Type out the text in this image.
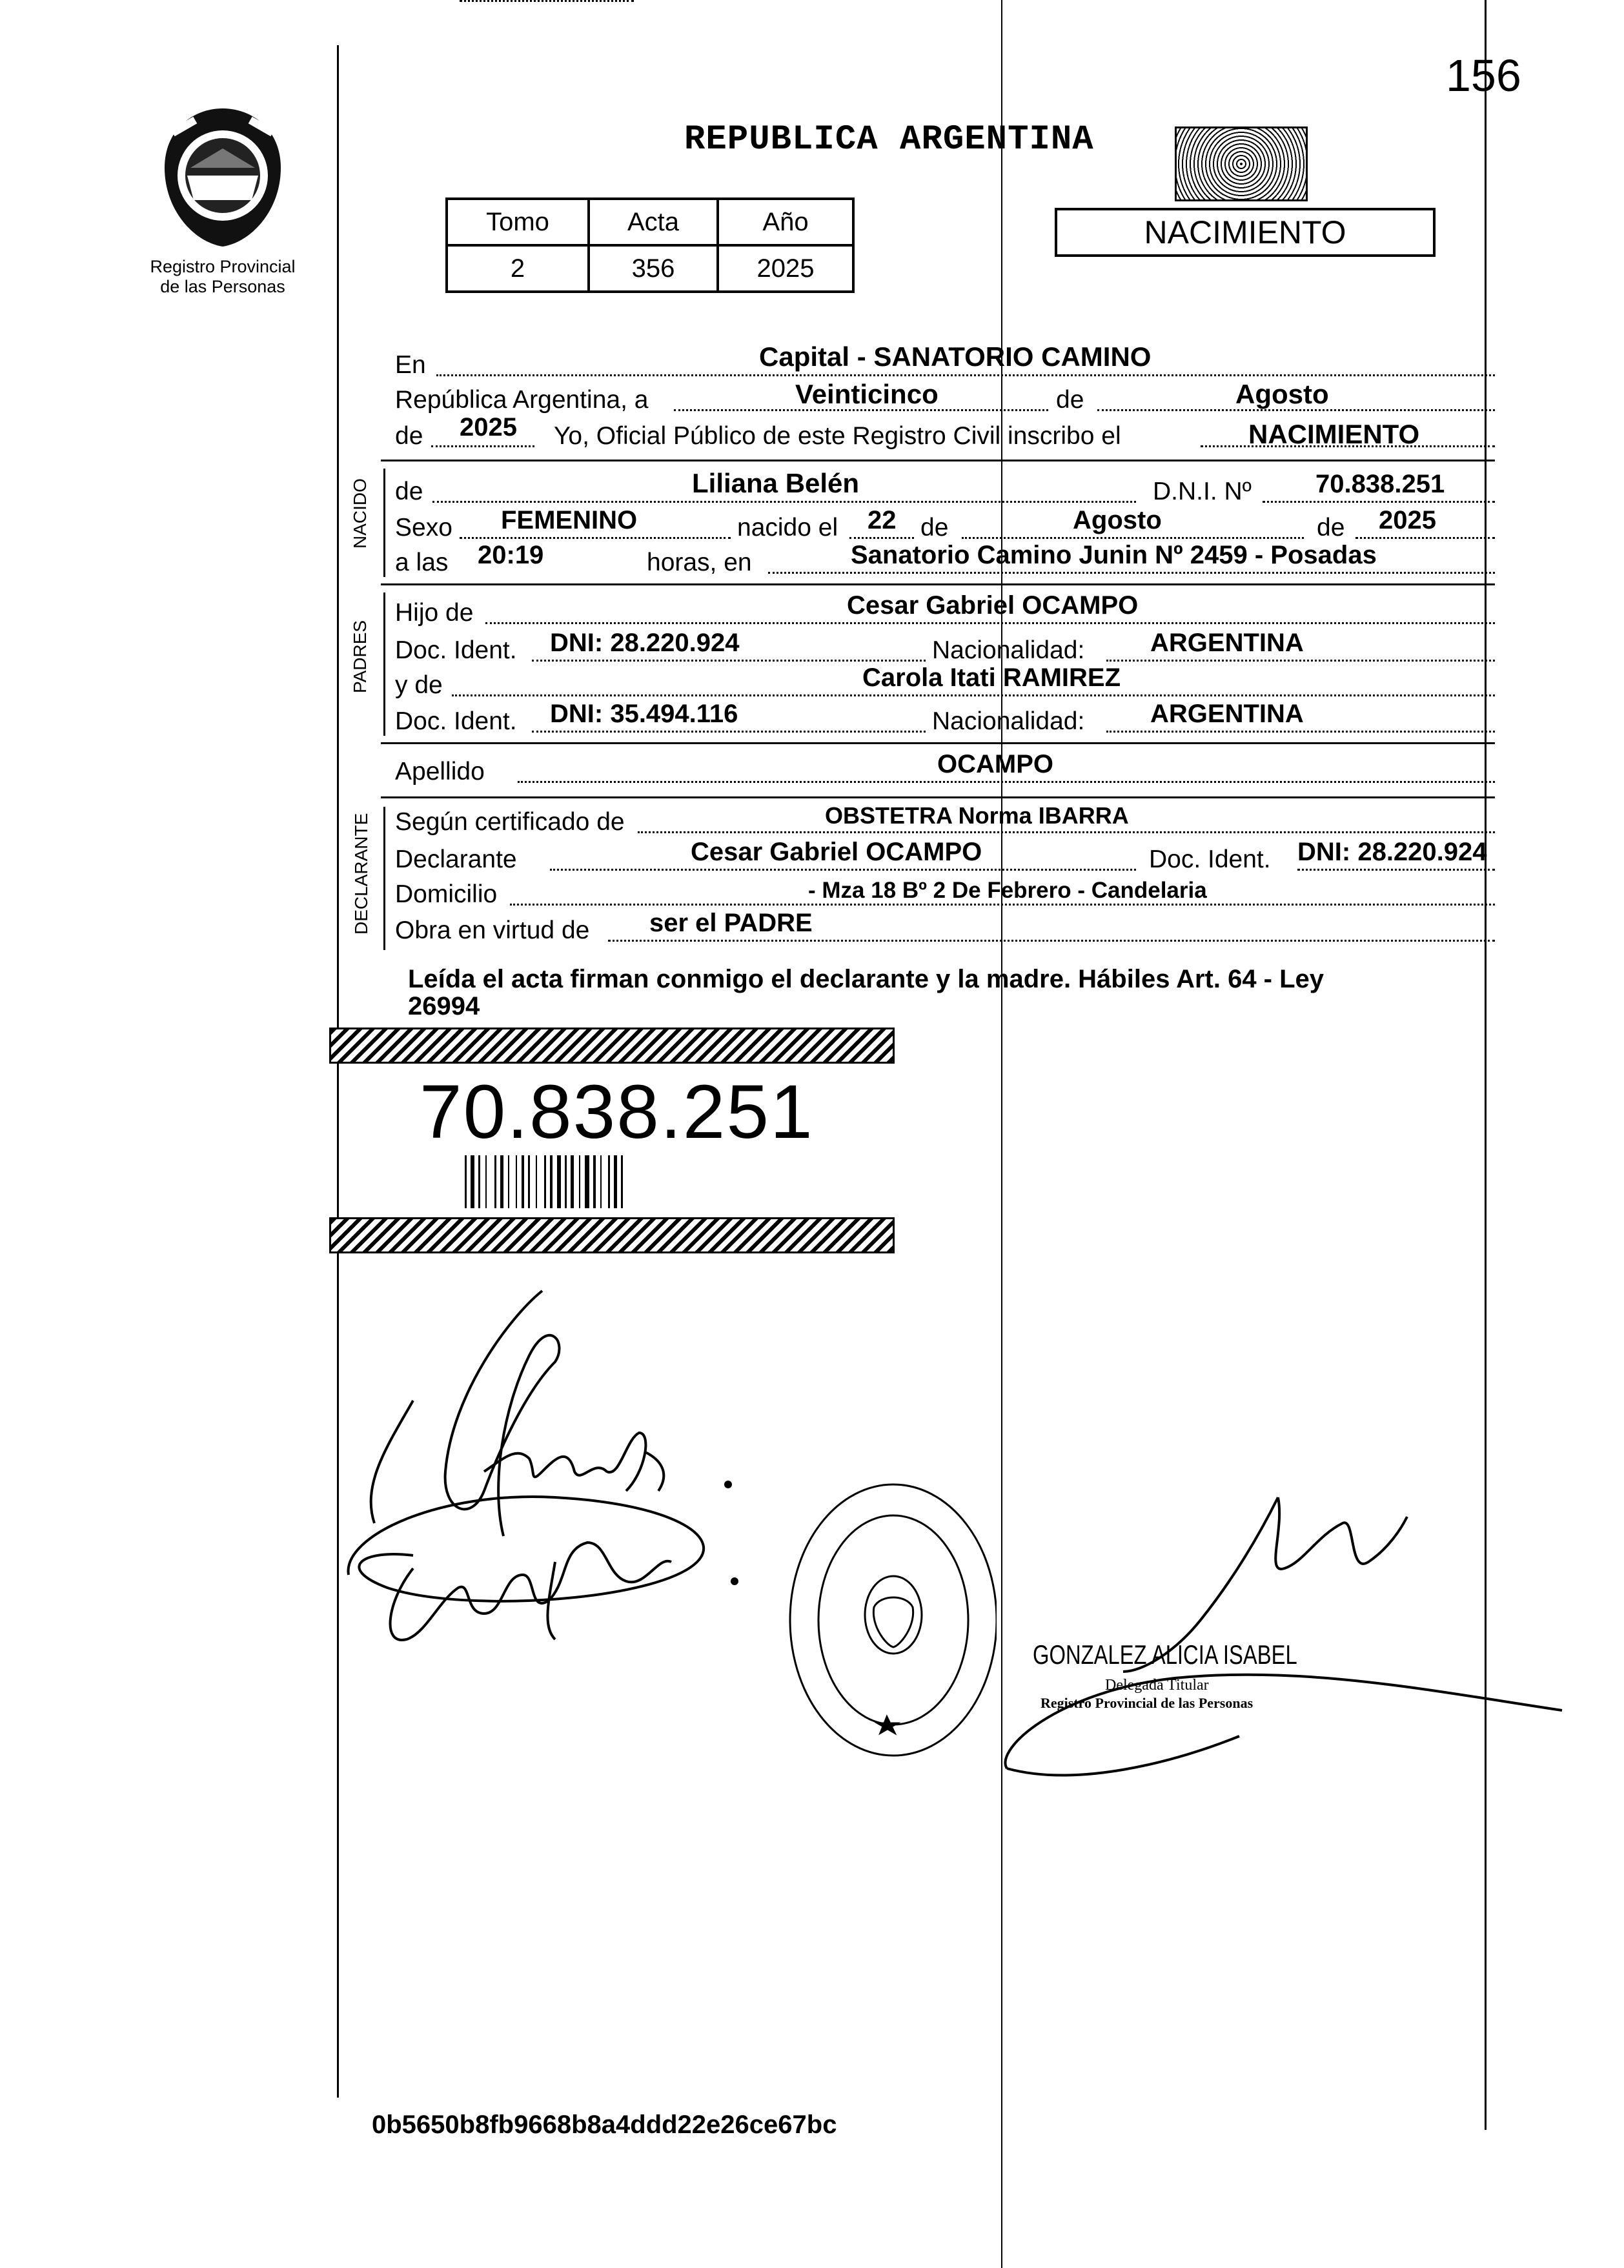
156
Registro Provincial
de las Personas
REPUBLICA ARGENTINA
Tomo	Acta	Año
2	356	2025
NACIMIENTO
En	Capital - SANATORIO CAMINO
República Argentina, a	Veinticinco	de	Agosto
de 2025 Yo, Oficial Público de este Registro Civil inscribo el	NACIMIENTO
NACIDO de	Liliana Belén	D.N.I. Nº 70.838.251
Sexo FEMENINO	nacido el 22 de	Agosto	de 2025
a las 20:19	horas, en	Sanatorio Camino Junin Nº 2459 - Posadas
PADRES
Hijo de	Cesar Gabriel OCAMPO
Doc. Ident. DNI: 28.220.924	Nacionalidad:	ARGENTINA
y de	Carola Itati RAMIREZ
Doc. Ident. DNI: 35.494.116	Nacionalidad:	ARGENTINA
Apellido	OCAMPO
DECLARANTE Según certificado de	OBSTETRA Norma IBARRA
Declarante	Cesar Gabriel OCAMPO	Doc. Ident. DNI: 28.220.924
Domicilio	- Mza 18 Bº 2 De Febrero - Candelaria
Obra en virtud de ser el PADRE
Leída el acta firman conmigo el declarante y la madre. Hábiles Art. 64 - Ley
26994
70.838.251
GONZALEZ ALICIA ISABEL
Delegada Titular
Registro Provincial de las Personas
0b5650b8fb9668b8a4ddd22e26ce67bc
